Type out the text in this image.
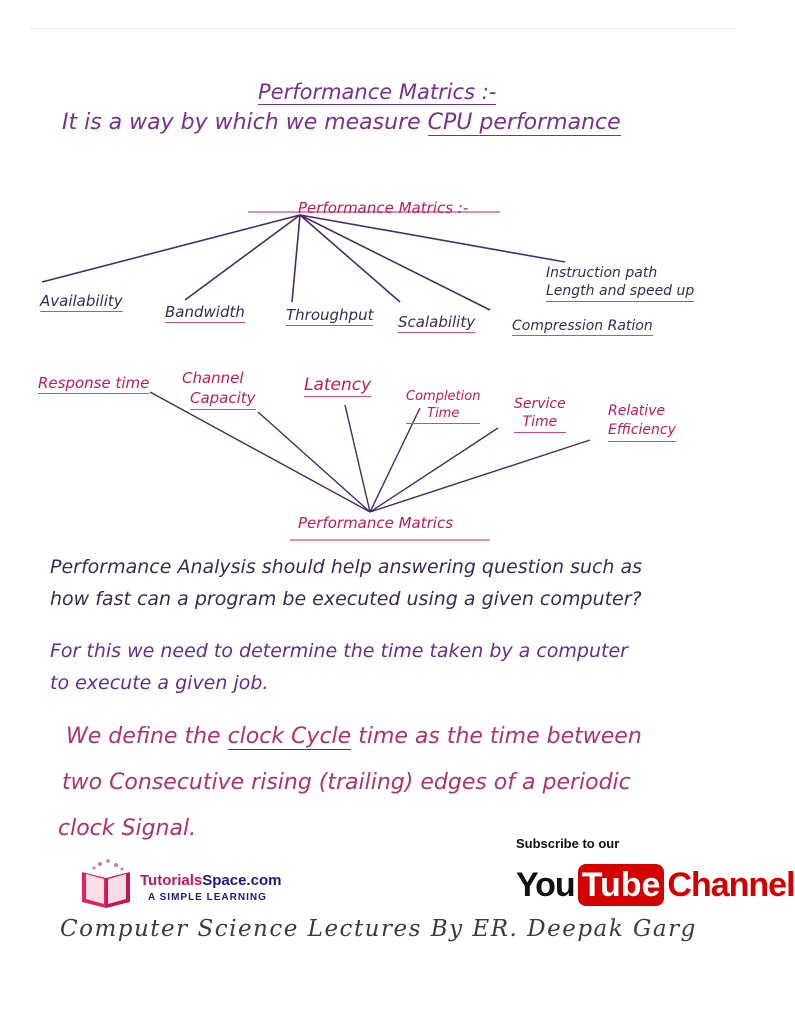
Performance Matrics :-
It is a way by which we measure CPU performance
Performance Matrics :-
Availability
Bandwidth	Throughput Scalability	Compression Ration
Instruction path
Length and speed up
Response time Channel
Capacity
Latency
Completion
Time
Service
Time
Relative
Efficiency
Performance Matrics
Performance Analysis should help answering question such as
how fast can a program be executed using a given computer?
For this we need to determine the time taken by a computer
to execute a given job.
We define the clock Cycle time as the time between
two Consecutive rising (trailing) edges of a periodic
clock Signal.
TutorialsSpace.com
A SIMPLE LEARNING
Subscribe to our
You Tube Channel
Computer Science Lectures By ER. Deepak Garg
